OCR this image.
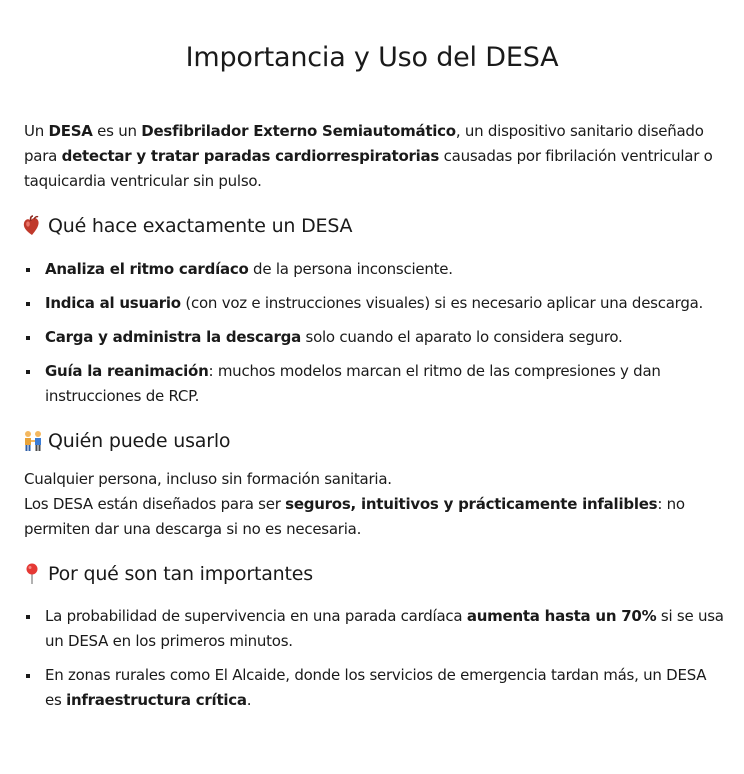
Importancia y Uso del DESA

Un DESA es un Desfibrilador Externo Semiautomático, un dispositivo sanitario diseñado para detectar y tratar paradas cardiorrespiratorias causadas por fibrilación ventricular o taquicardia ventricular sin pulso.

Qué hace exactamente un DESA
Analiza el ritmo cardíaco de la persona inconsciente.
Indica al usuario (con voz e instrucciones visuales) si es necesario aplicar una descarga.
Carga y administra la descarga solo cuando el aparato lo considera seguro.
Guía la reanimación: muchos modelos marcan el ritmo de las compresiones y dan instrucciones de RCP.
Quién puede usarlo

Cualquier persona, incluso sin formación sanitaria.
Los DESA están diseñados para ser seguros, intuitivos y prácticamente infalibles: no permiten dar una descarga si no es necesaria.

Por qué son tan importantes
La probabilidad de supervivencia en una parada cardíaca aumenta hasta un 70% si se usa un DESA en los primeros minutos.
En zonas rurales como El Alcaide, donde los servicios de emergencia tardan más, un DESA es infraestructura crítica.
